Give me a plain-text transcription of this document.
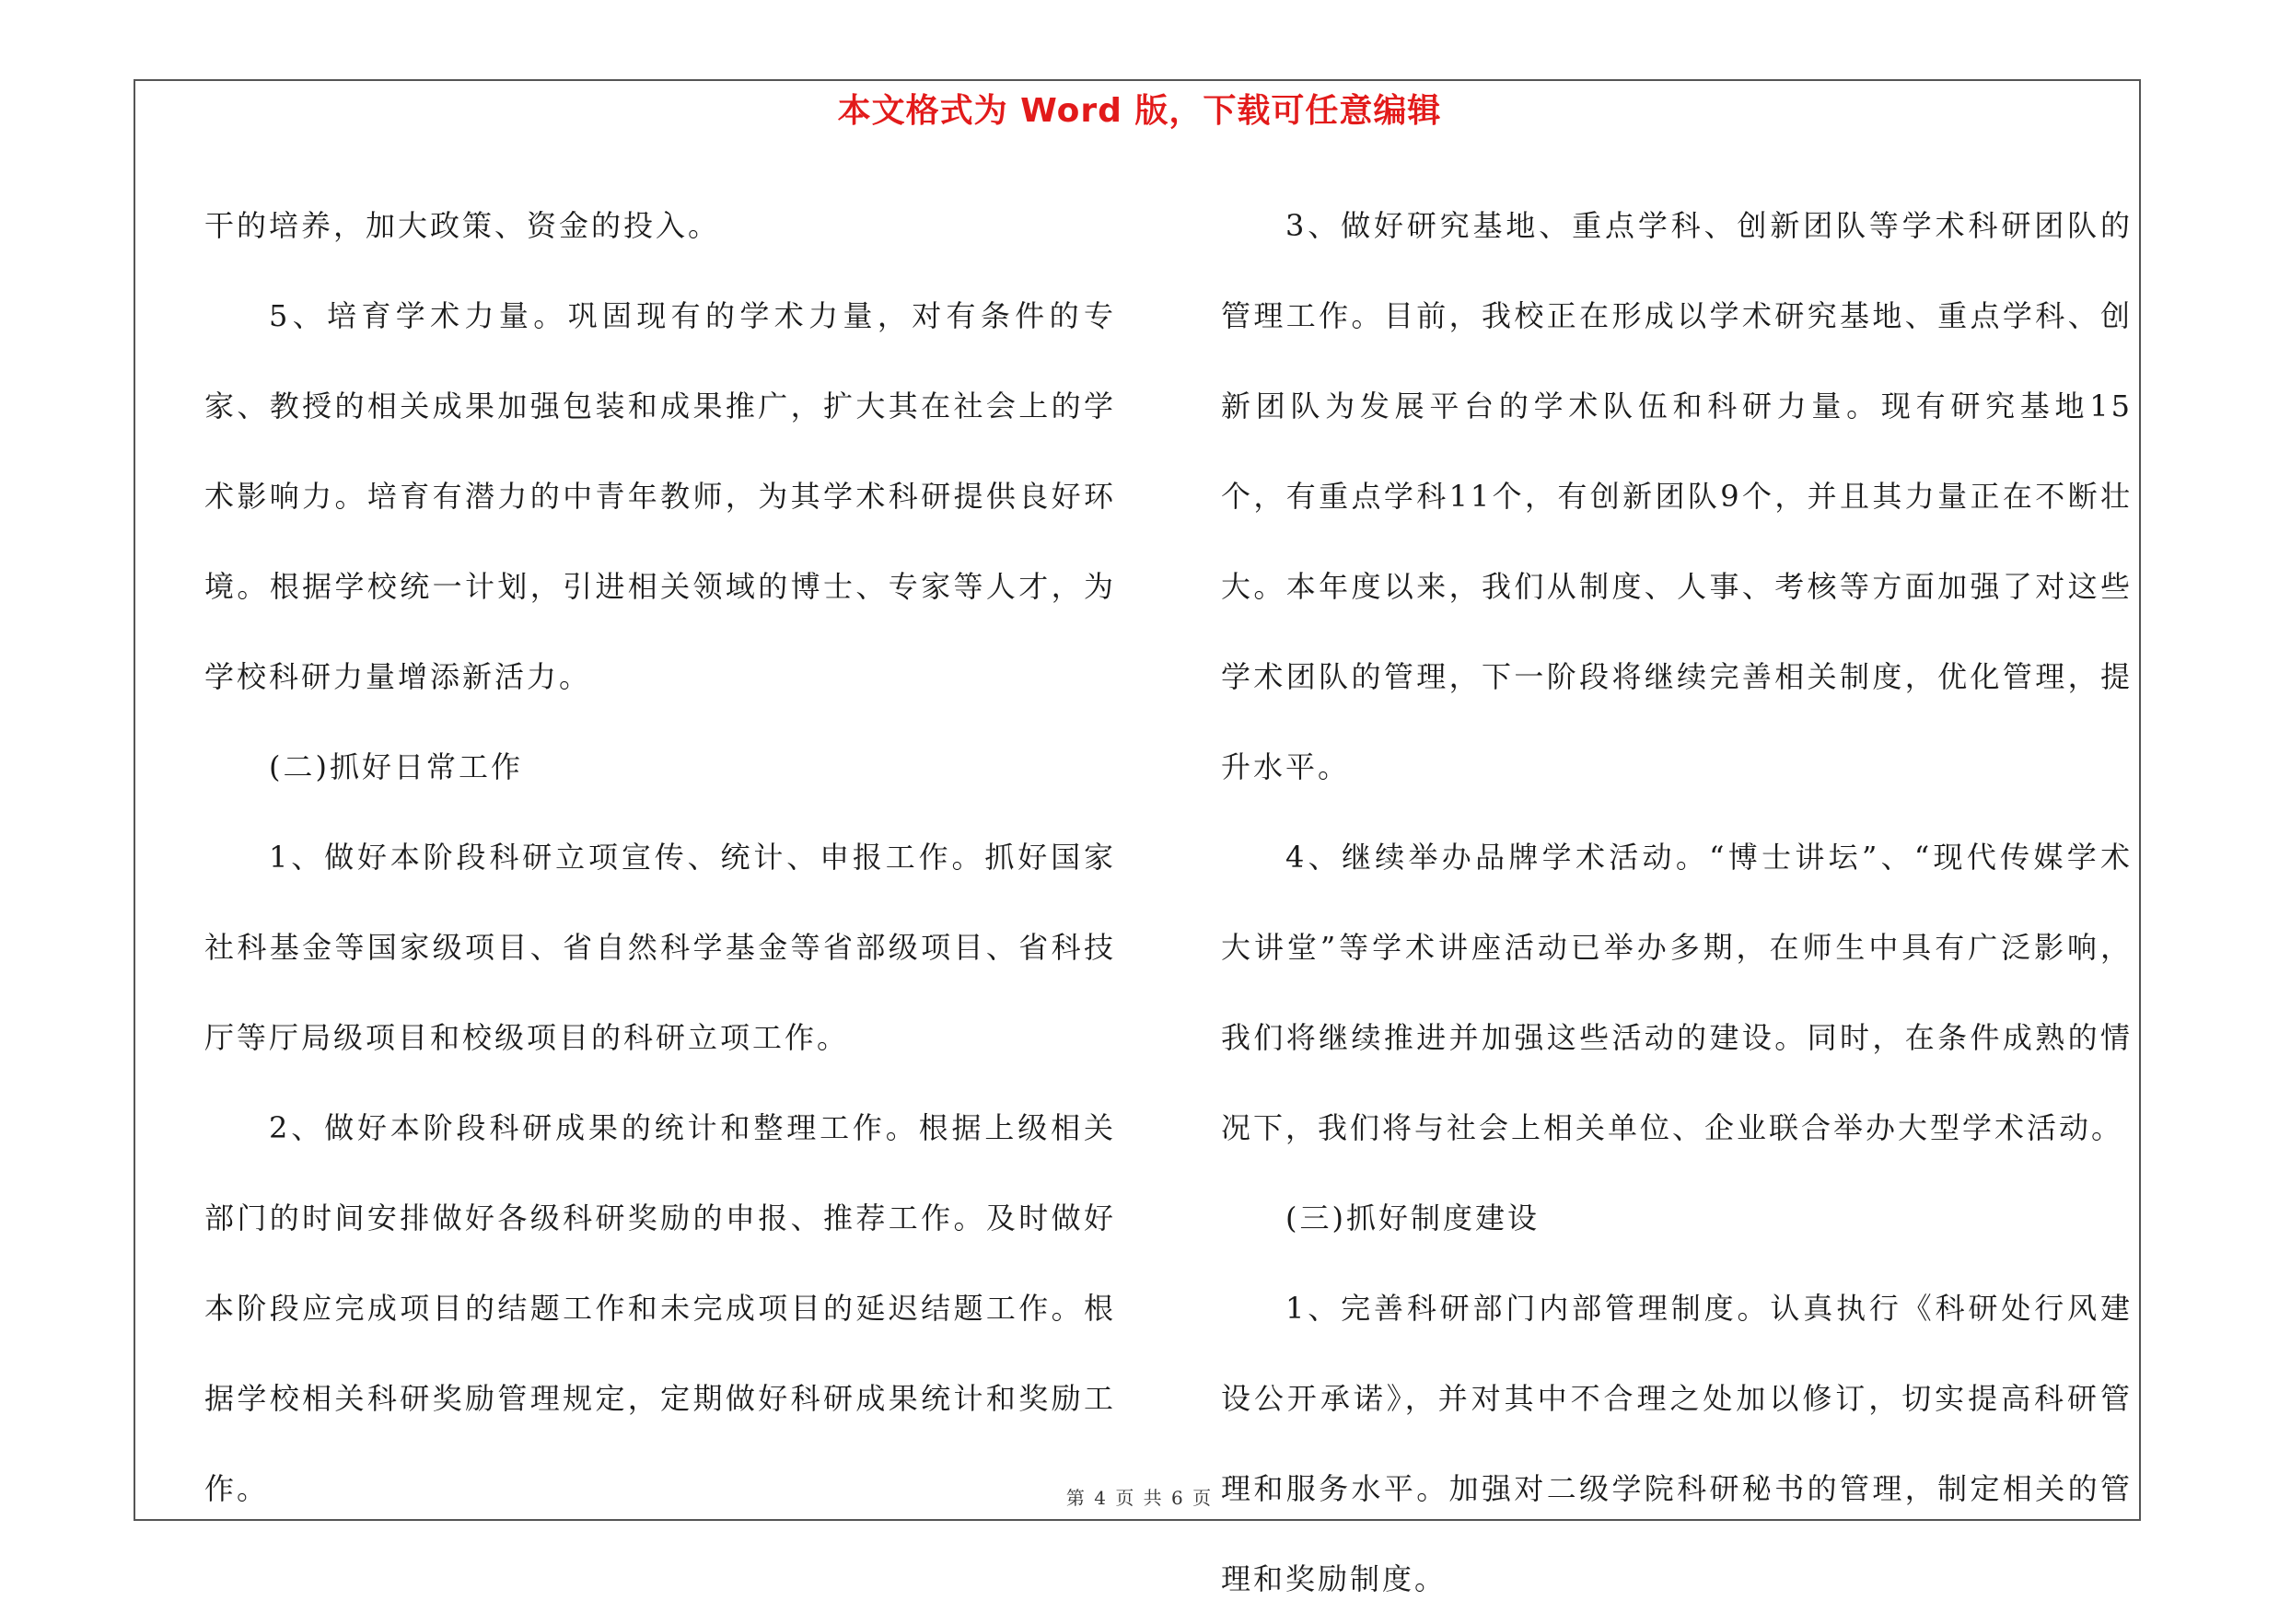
本文格式为 Word 版，下载可任意编辑

干的培养，加大政策、资金的投入。

5、培育学术力量。巩固现有的学术力量，对有条件的专家、教授的相关成果加强包装和成果推广，扩大其在社会上的学术影响力。培育有潜力的中青年教师，为其学术科研提供良好环境。根据学校统一计划，引进相关领域的博士、专家等人才，为学校科研力量增添新活力。

(二)抓好日常工作

1、做好本阶段科研立项宣传、统计、申报工作。抓好国家社科基金等国家级项目、省自然科学基金等省部级项目、省科技厅等厅局级项目和校级项目的科研立项工作。

2、做好本阶段科研成果的统计和整理工作。根据上级相关部门的时间安排做好各级科研奖励的申报、推荐工作。及时做好本阶段应完成项目的结题工作和未完成项目的延迟结题工作。根据学校相关科研奖励管理规定，定期做好科研成果统计和奖励工作。

3、做好研究基地、重点学科、创新团队等学术科研团队的管理工作。目前，我校正在形成以学术研究基地、重点学科、创新团队为发展平台的学术队伍和科研力量。现有研究基地15个，有重点学科11个，有创新团队9个，并且其力量正在不断壮大。本年度以来，我们从制度、人事、考核等方面加强了对这些学术团队的管理，下一阶段将继续完善相关制度，优化管理，提升水平。

4、继续举办品牌学术活动。“博士讲坛”、“现代传媒学术大讲堂”等学术讲座活动已举办多期，在师生中具有广泛影响，我们将继续推进并加强这些活动的建设。同时，在条件成熟的情况下，我们将与社会上相关单位、企业联合举办大型学术活动。

(三)抓好制度建设

1、完善科研部门内部管理制度。认真执行《科研处行风建设公开承诺》，并对其中不合理之处加以修订，切实提高科研管理和服务水平。加强对二级学院科研秘书的管理，制定相关的管理和奖励制度。

第 4 页 共 6 页
